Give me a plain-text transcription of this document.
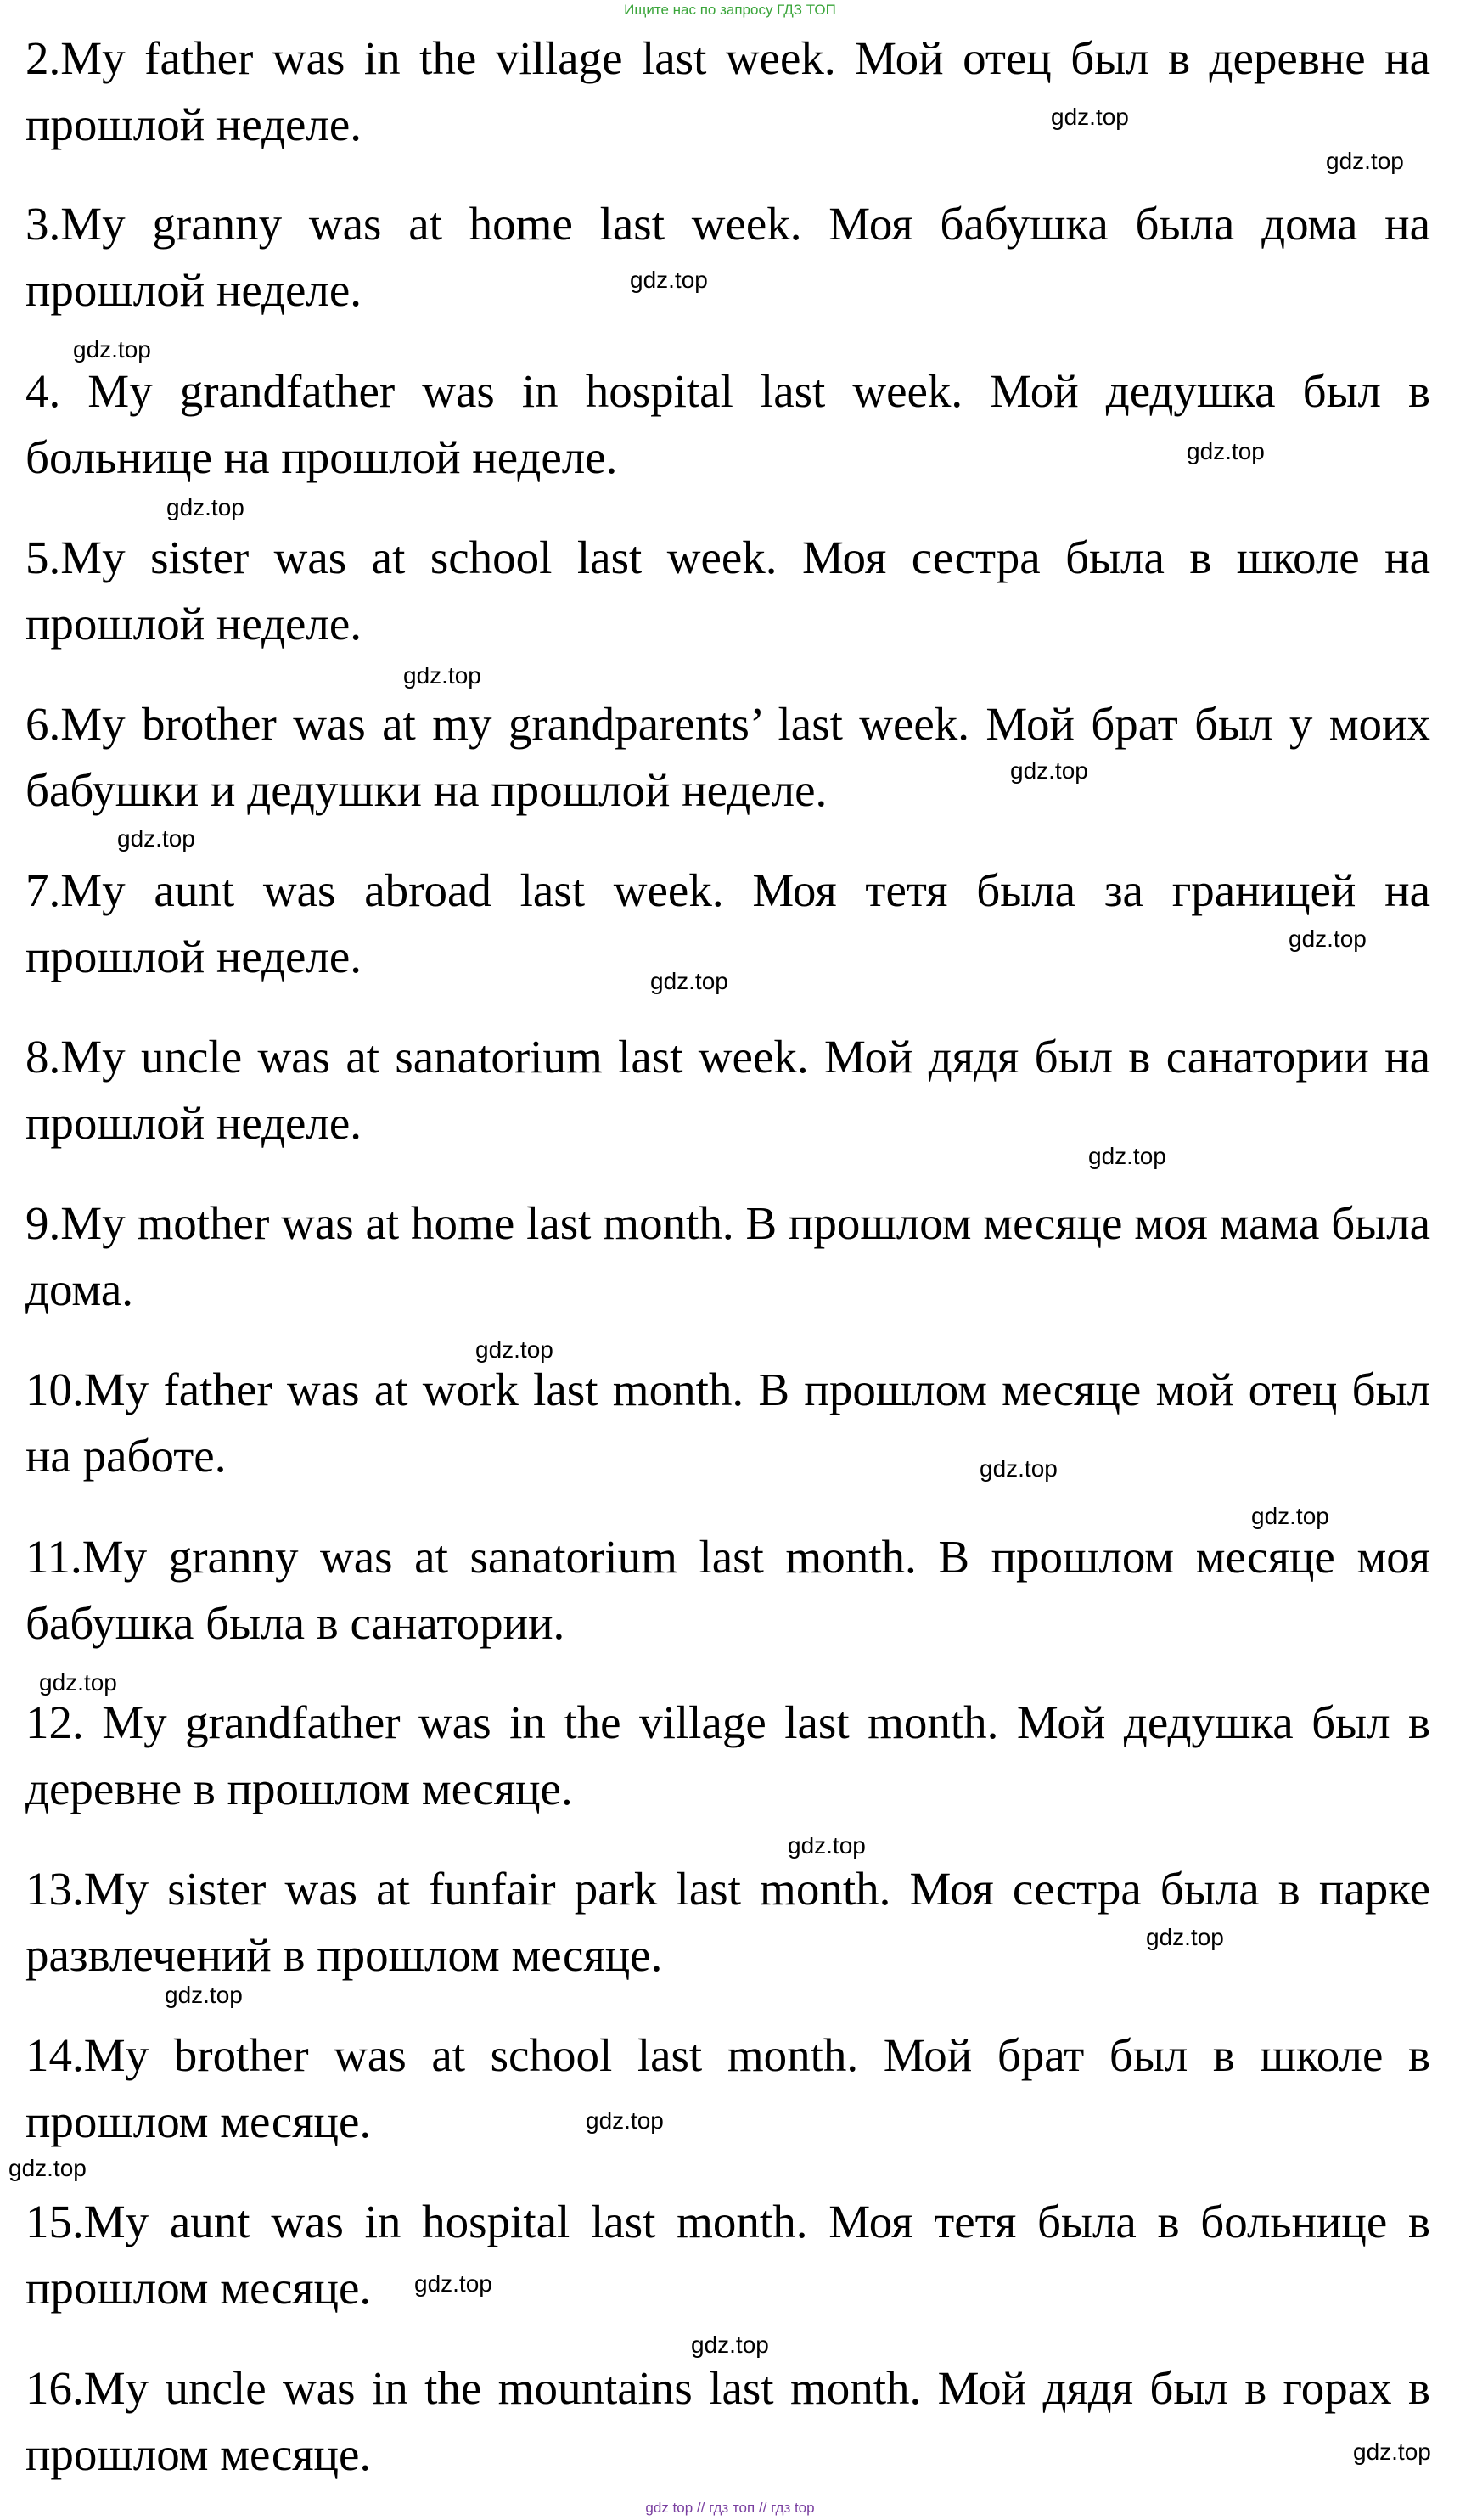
Ищите нас по запросу ГДЗ ТОП

2.My father was in the village last week. Мой отец был в деревне на прошлой неделе.

3.My granny was at home last week. Моя бабушка была дома на прошлой неделе.

4. My grandfather was in hospital last week. Мой дедушка был в больнице на прошлой неделе.

5.My sister was at school last week. Моя сестра была в школе на прошлой неделе.

6.My brother was at my grandparents’ last week. Мой брат был у моих бабушки и дедушки на прошлой неделе.

7.My aunt was abroad last week. Моя тетя была за границей на прошлой неделе.

8.My uncle was at sanatorium last week. Мой дядя был в санатории на прошлой неделе.

9.My mother was at home last month. В прошлом месяце моя мама была дома.

10.My father was at work last month. В прошлом месяце мой отец был на работе.

11.My granny was at sanatorium last month. В прошлом месяце моя бабушка была в санатории.

12. My grandfather was in the village last month. Мой дедушка был в деревне в прошлом месяце.

13.My sister was at funfair park last month. Моя сестра была в парке развлечений в прошлом месяце.

14.My brother was at school last month. Мой брат был в школе в прошлом месяце.

15.My aunt was in hospital last month. Моя тетя была в больнице в прошлом месяце.

16.My uncle was in the mountains last month. Мой дядя был в горах в прошлом месяце.

gdz.top
gdz.top
gdz.top
gdz.top
gdz.top
gdz.top
gdz.top
gdz.top
gdz.top
gdz.top
gdz.top
gdz.top
gdz.top
gdz.top
gdz.top
gdz.top
gdz.top
gdz.top
gdz.top
gdz.top
gdz.top
gdz.top
gdz.top
gdz.top
gdz top // гдз топ // гдз top
